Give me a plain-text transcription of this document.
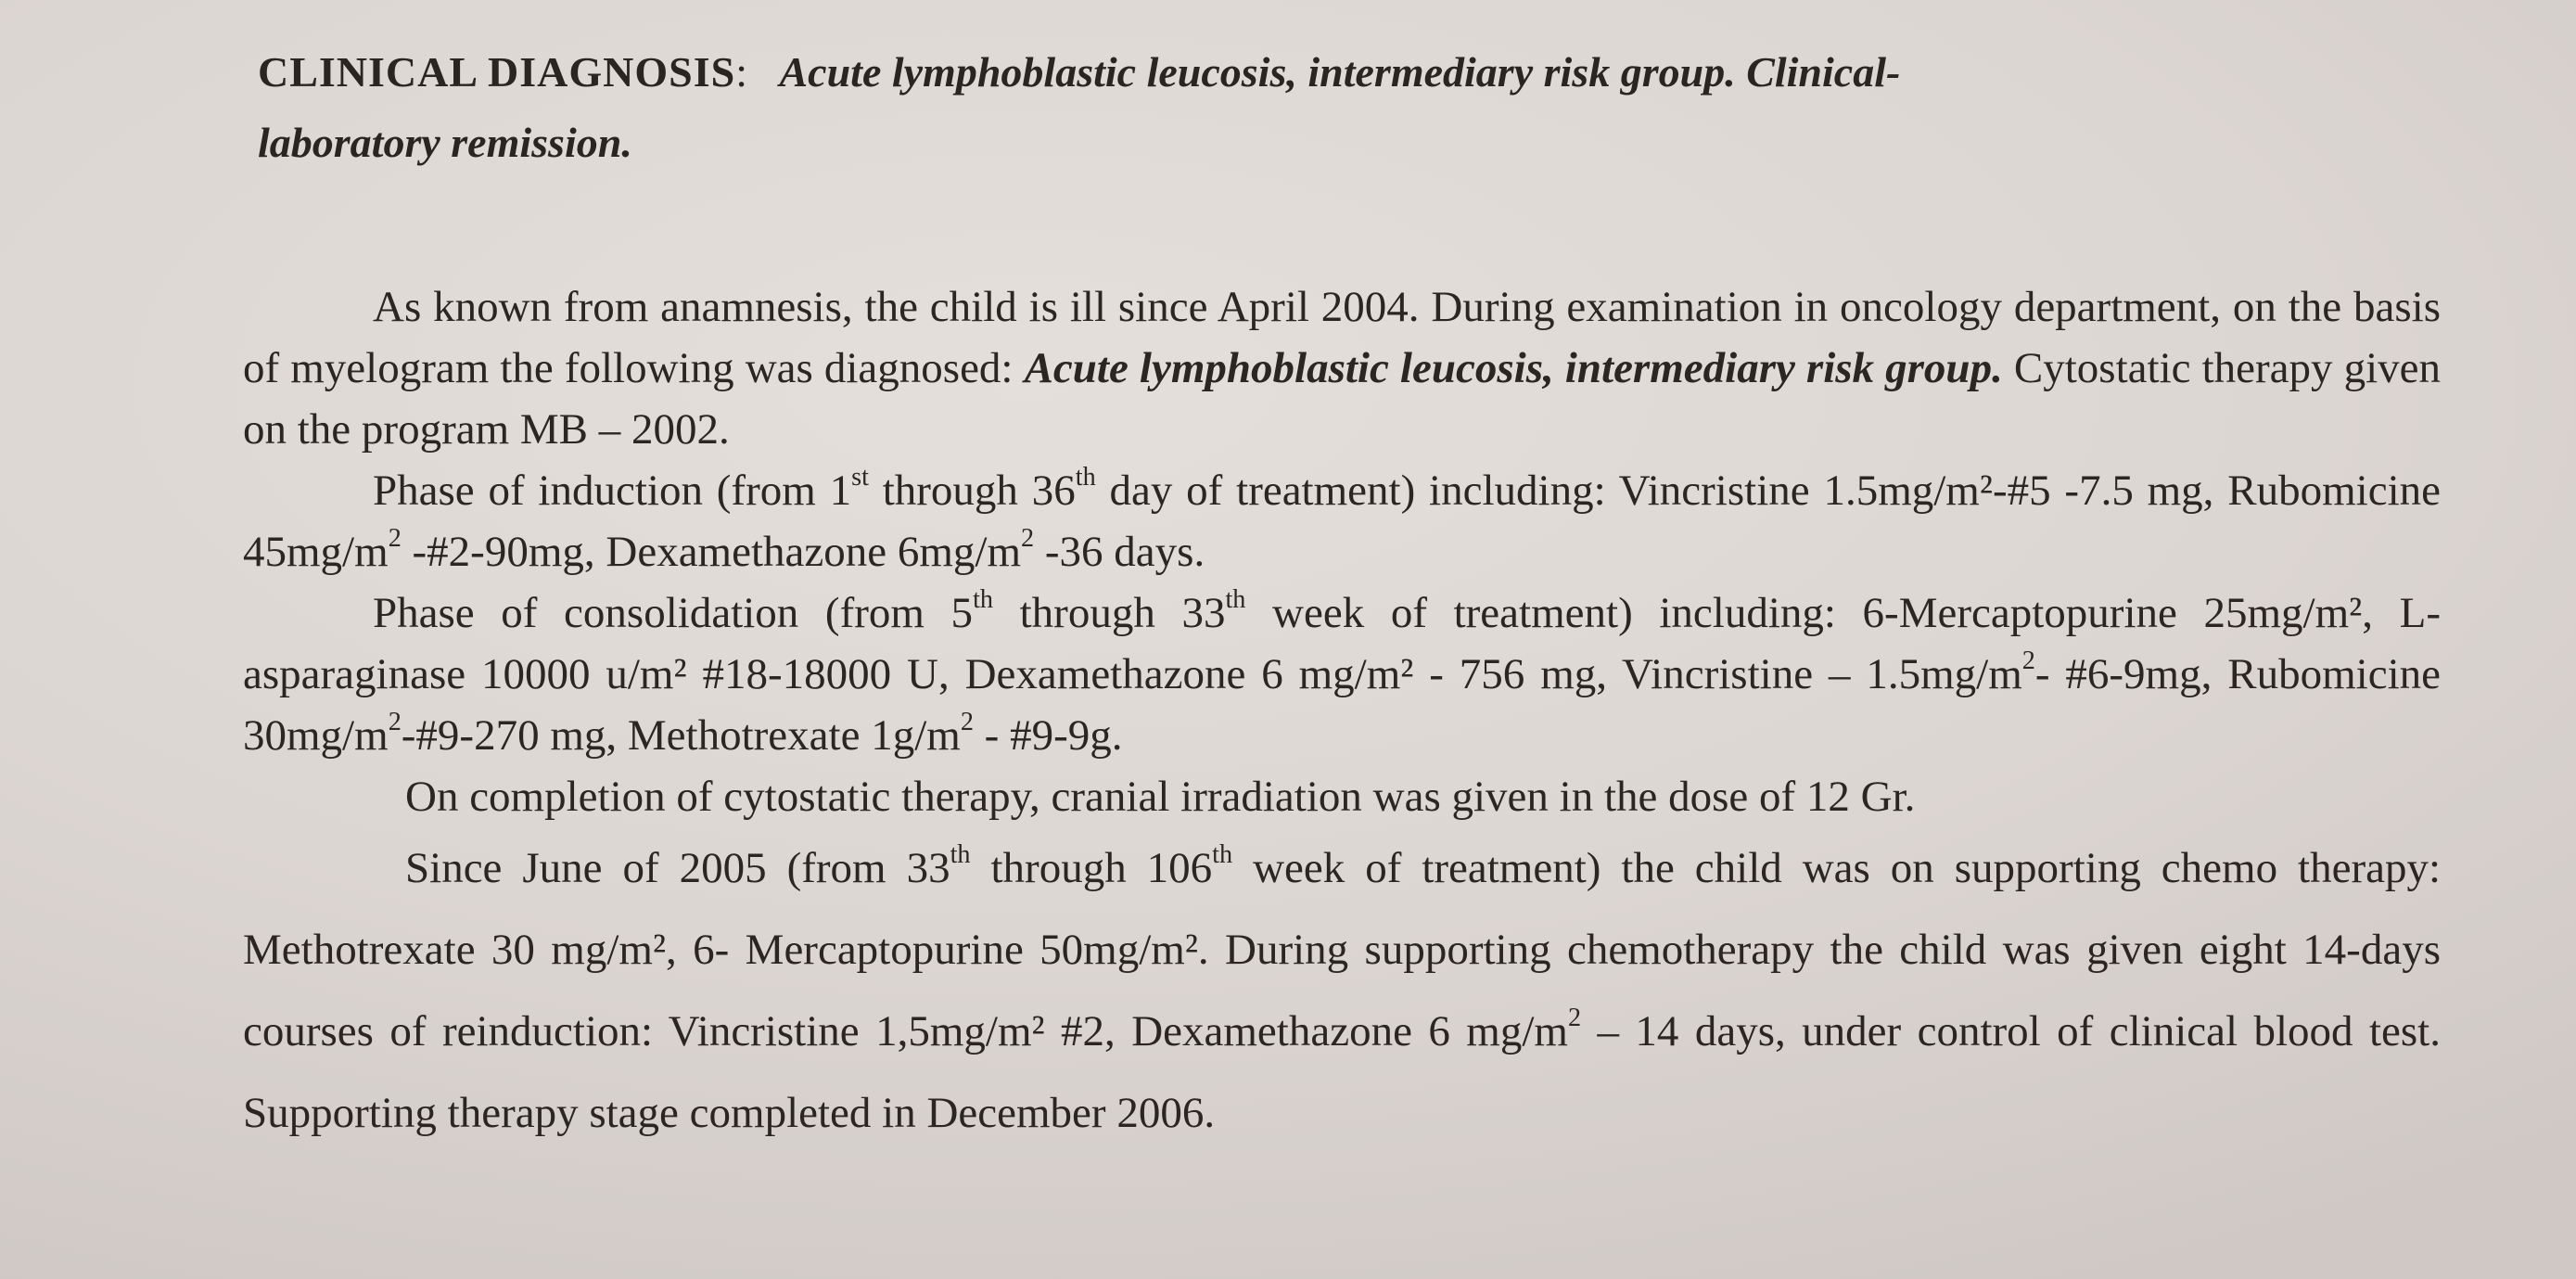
CLINICAL DIAGNOSIS: Acute lymphoblastic leucosis, intermediary risk group. Clinical-
laboratory remission.

As known from anamnesis, the child is ill since April 2004. During examination in oncology department, on the basis of myelogram the following was diagnosed: Acute lymphoblastic leucosis, intermediary risk group. Cytostatic therapy given on the program MB – 2002.

Phase of induction (from 1st through 36th day of treatment) including: Vincristine 1.5mg/m²-#5 -7.5 mg, Rubomicine $45mg/m^2$ -#2-90mg, Dexamethazone $6mg/m^2$ -36 days.

Phase of consolidation (from 5th through 33th week of treatment) including: 6-Mercaptopurine 25mg/m², L- asparaginase 10000 u/m² #18-18000 U, Dexamethazone 6 mg/m² - 756 mg, Vincristine – $1.5mg/m^2-$ #6-9mg, Rubomicine $30mg/m^2-\#9-270$ mg, Methotrexate $1g/m^2$ - #9-9g.

On completion of cytostatic therapy, cranial irradiation was given in the dose of 12 Gr.

Since June of 2005 (from 33th through 106th week of treatment) the child was on supporting chemo therapy: Methotrexate 30 mg/m², 6- Mercaptopurine 50mg/m². During supporting chemotherapy the child was given eight 14-days courses of reinduction: Vincristine 1,5mg/m² #2, Dexamethazone 6 $mg/m^2 - 14$ days, under control of clinical blood test. Supporting therapy stage completed in December 2006.
